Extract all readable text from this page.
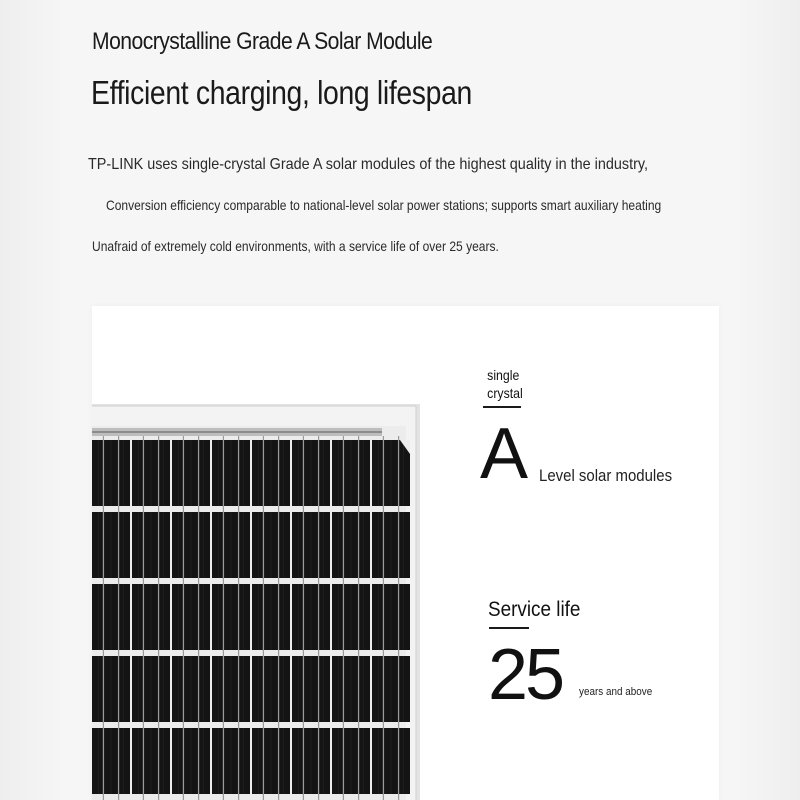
Monocrystalline Grade A Solar Module
Efficient charging, long lifespan
TP-LINK uses single-crystal Grade A solar modules of the highest quality in the industry,
Conversion efficiency comparable to national-level solar power stations; supports smart auxiliary heating
Unafraid of extremely cold environments, with a service life of over 25 years.
single crystal
A Level solar modules
Service life
25 years and above
